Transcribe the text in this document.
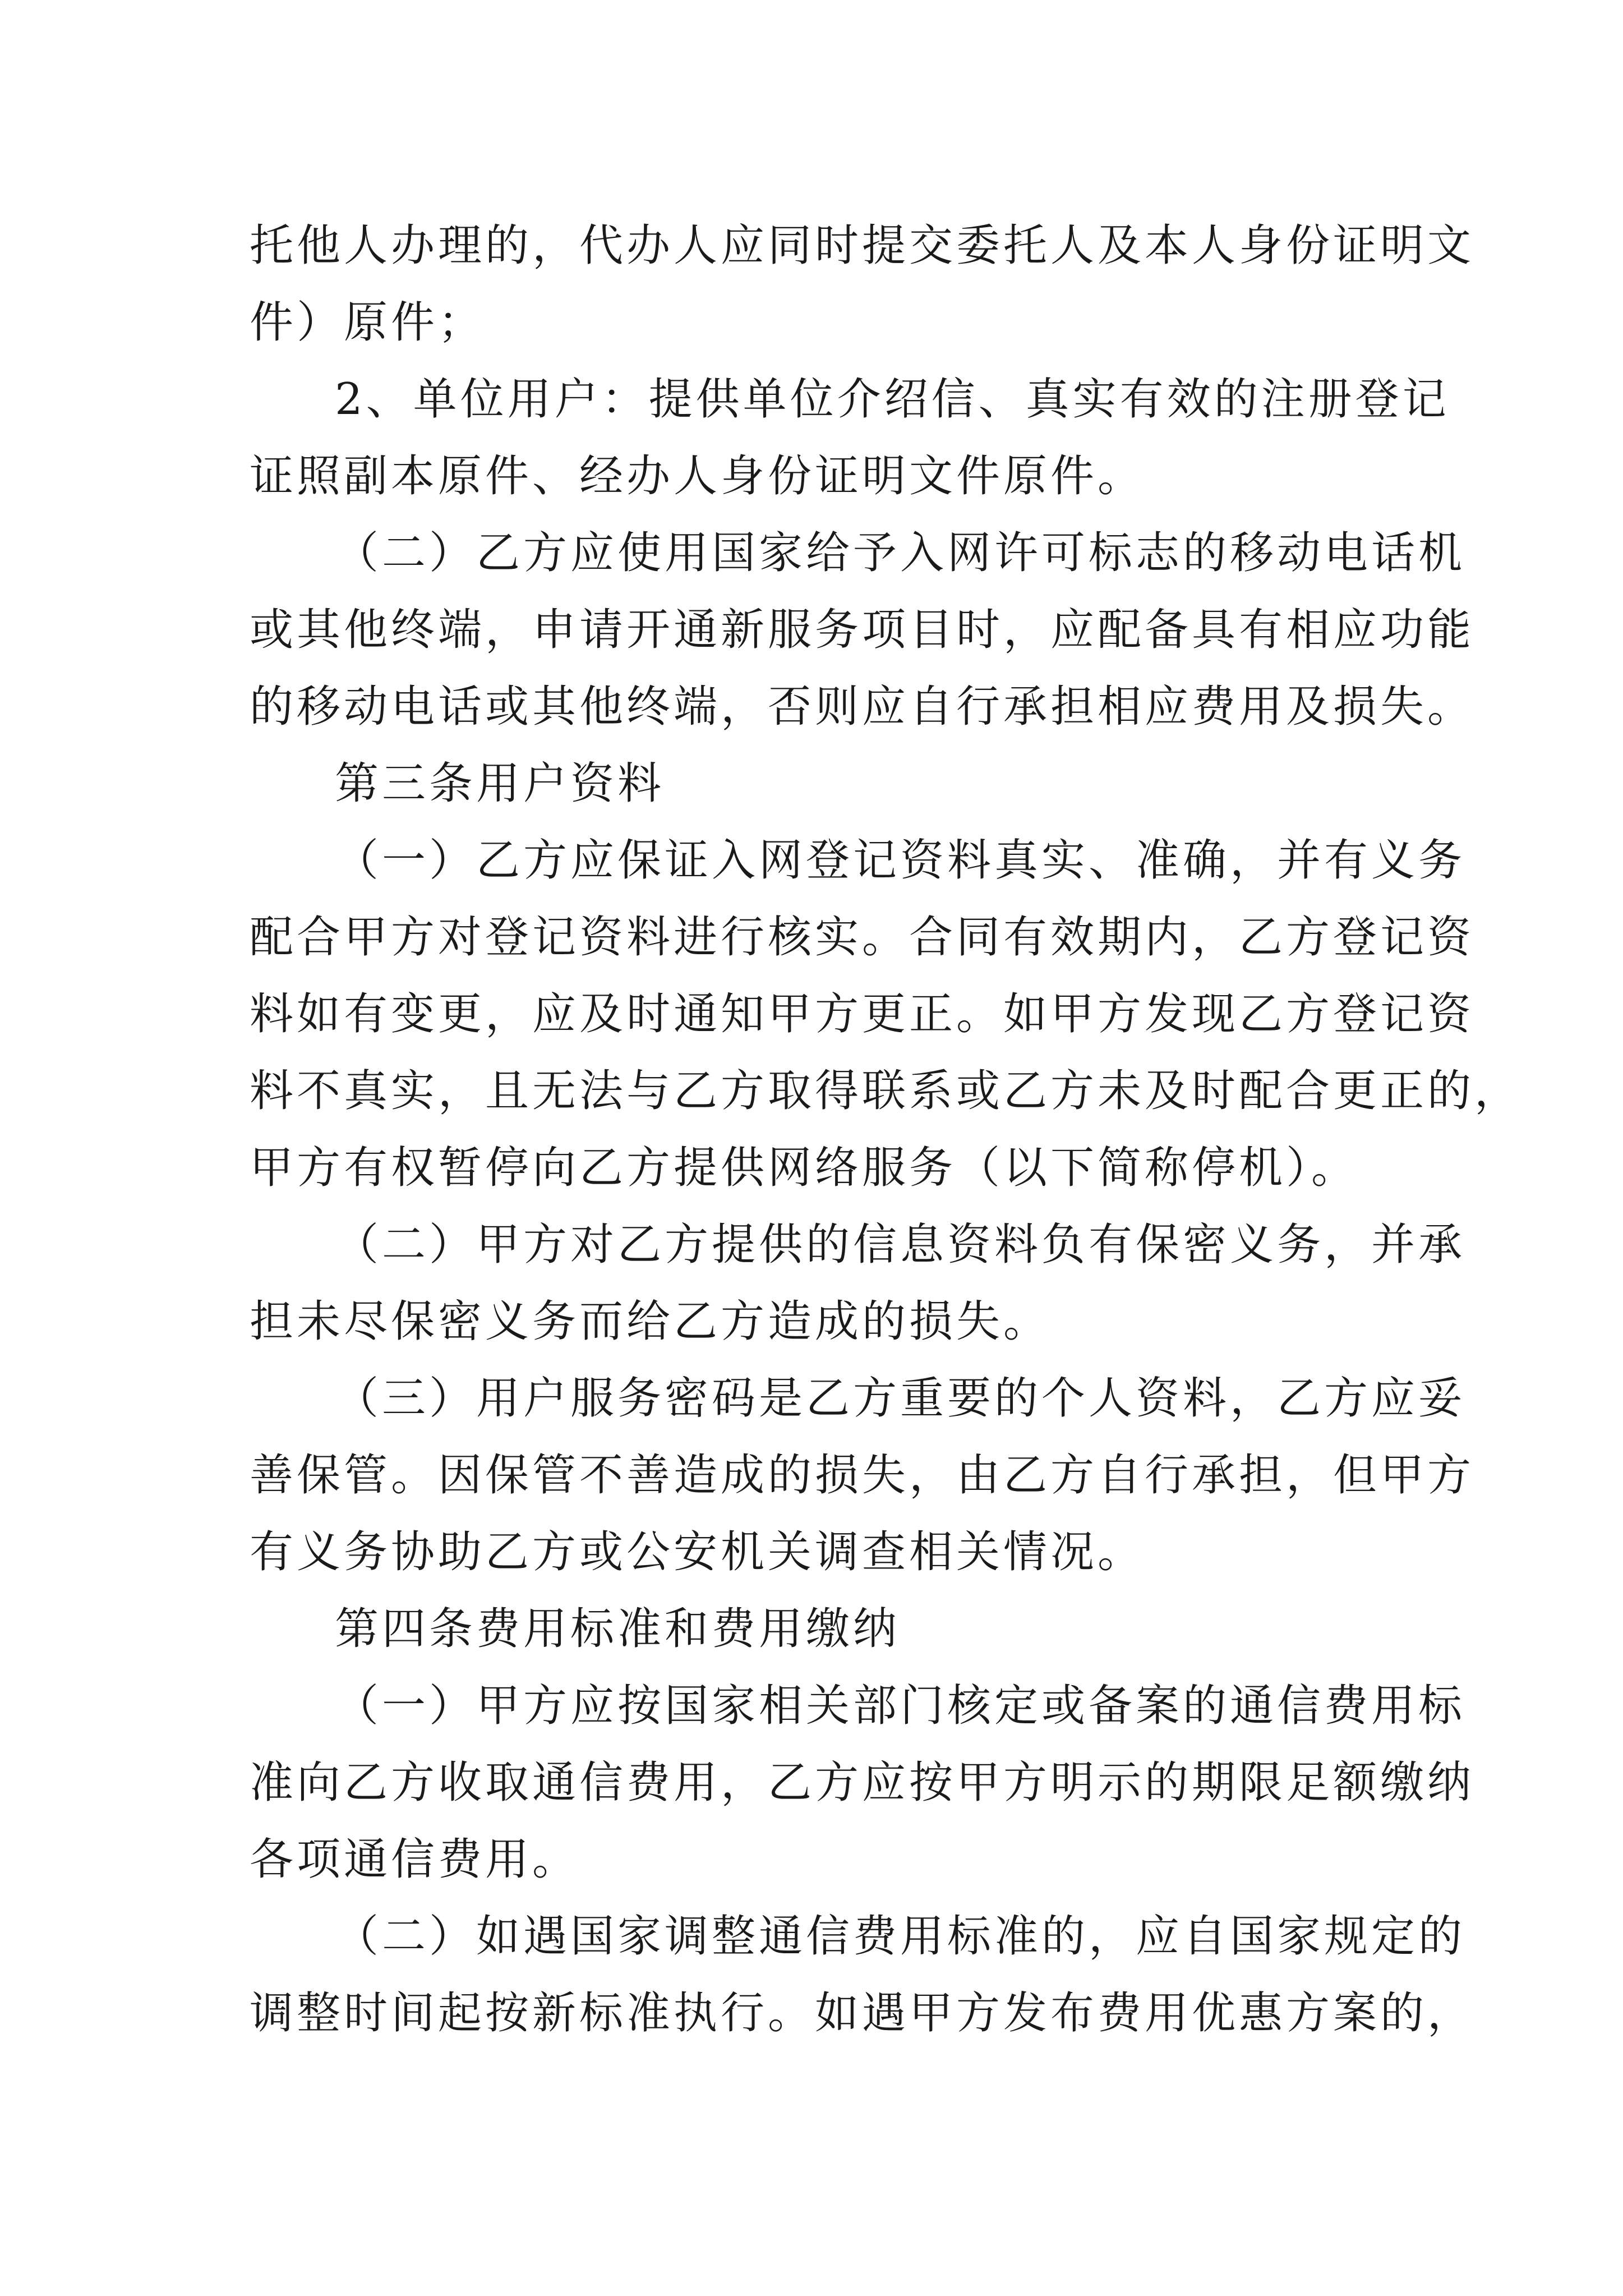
托他人办理的，代办人应同时提交委托人及本人身份证明文
件）原件；
2、单位用户：提供单位介绍信、真实有效的注册登记
证照副本原件、经办人身份证明文件原件。
（二）乙方应使用国家给予入网许可标志的移动电话机
或其他终端，申请开通新服务项目时，应配备具有相应功能
的移动电话或其他终端，否则应自行承担相应费用及损失。
第三条用户资料
（一）乙方应保证入网登记资料真实、准确，并有义务
配合甲方对登记资料进行核实。合同有效期内，乙方登记资
料如有变更，应及时通知甲方更正。如甲方发现乙方登记资
料不真实，且无法与乙方取得联系或乙方未及时配合更正的，
甲方有权暂停向乙方提供网络服务（以下简称停机）。
（二）甲方对乙方提供的信息资料负有保密义务，并承
担未尽保密义务而给乙方造成的损失。
（三）用户服务密码是乙方重要的个人资料，乙方应妥
善保管。因保管不善造成的损失，由乙方自行承担，但甲方
有义务协助乙方或公安机关调查相关情况。
第四条费用标准和费用缴纳
（一）甲方应按国家相关部门核定或备案的通信费用标
准向乙方收取通信费用，乙方应按甲方明示的期限足额缴纳
各项通信费用。
（二）如遇国家调整通信费用标准的，应自国家规定的
调整时间起按新标准执行。如遇甲方发布费用优惠方案的，
